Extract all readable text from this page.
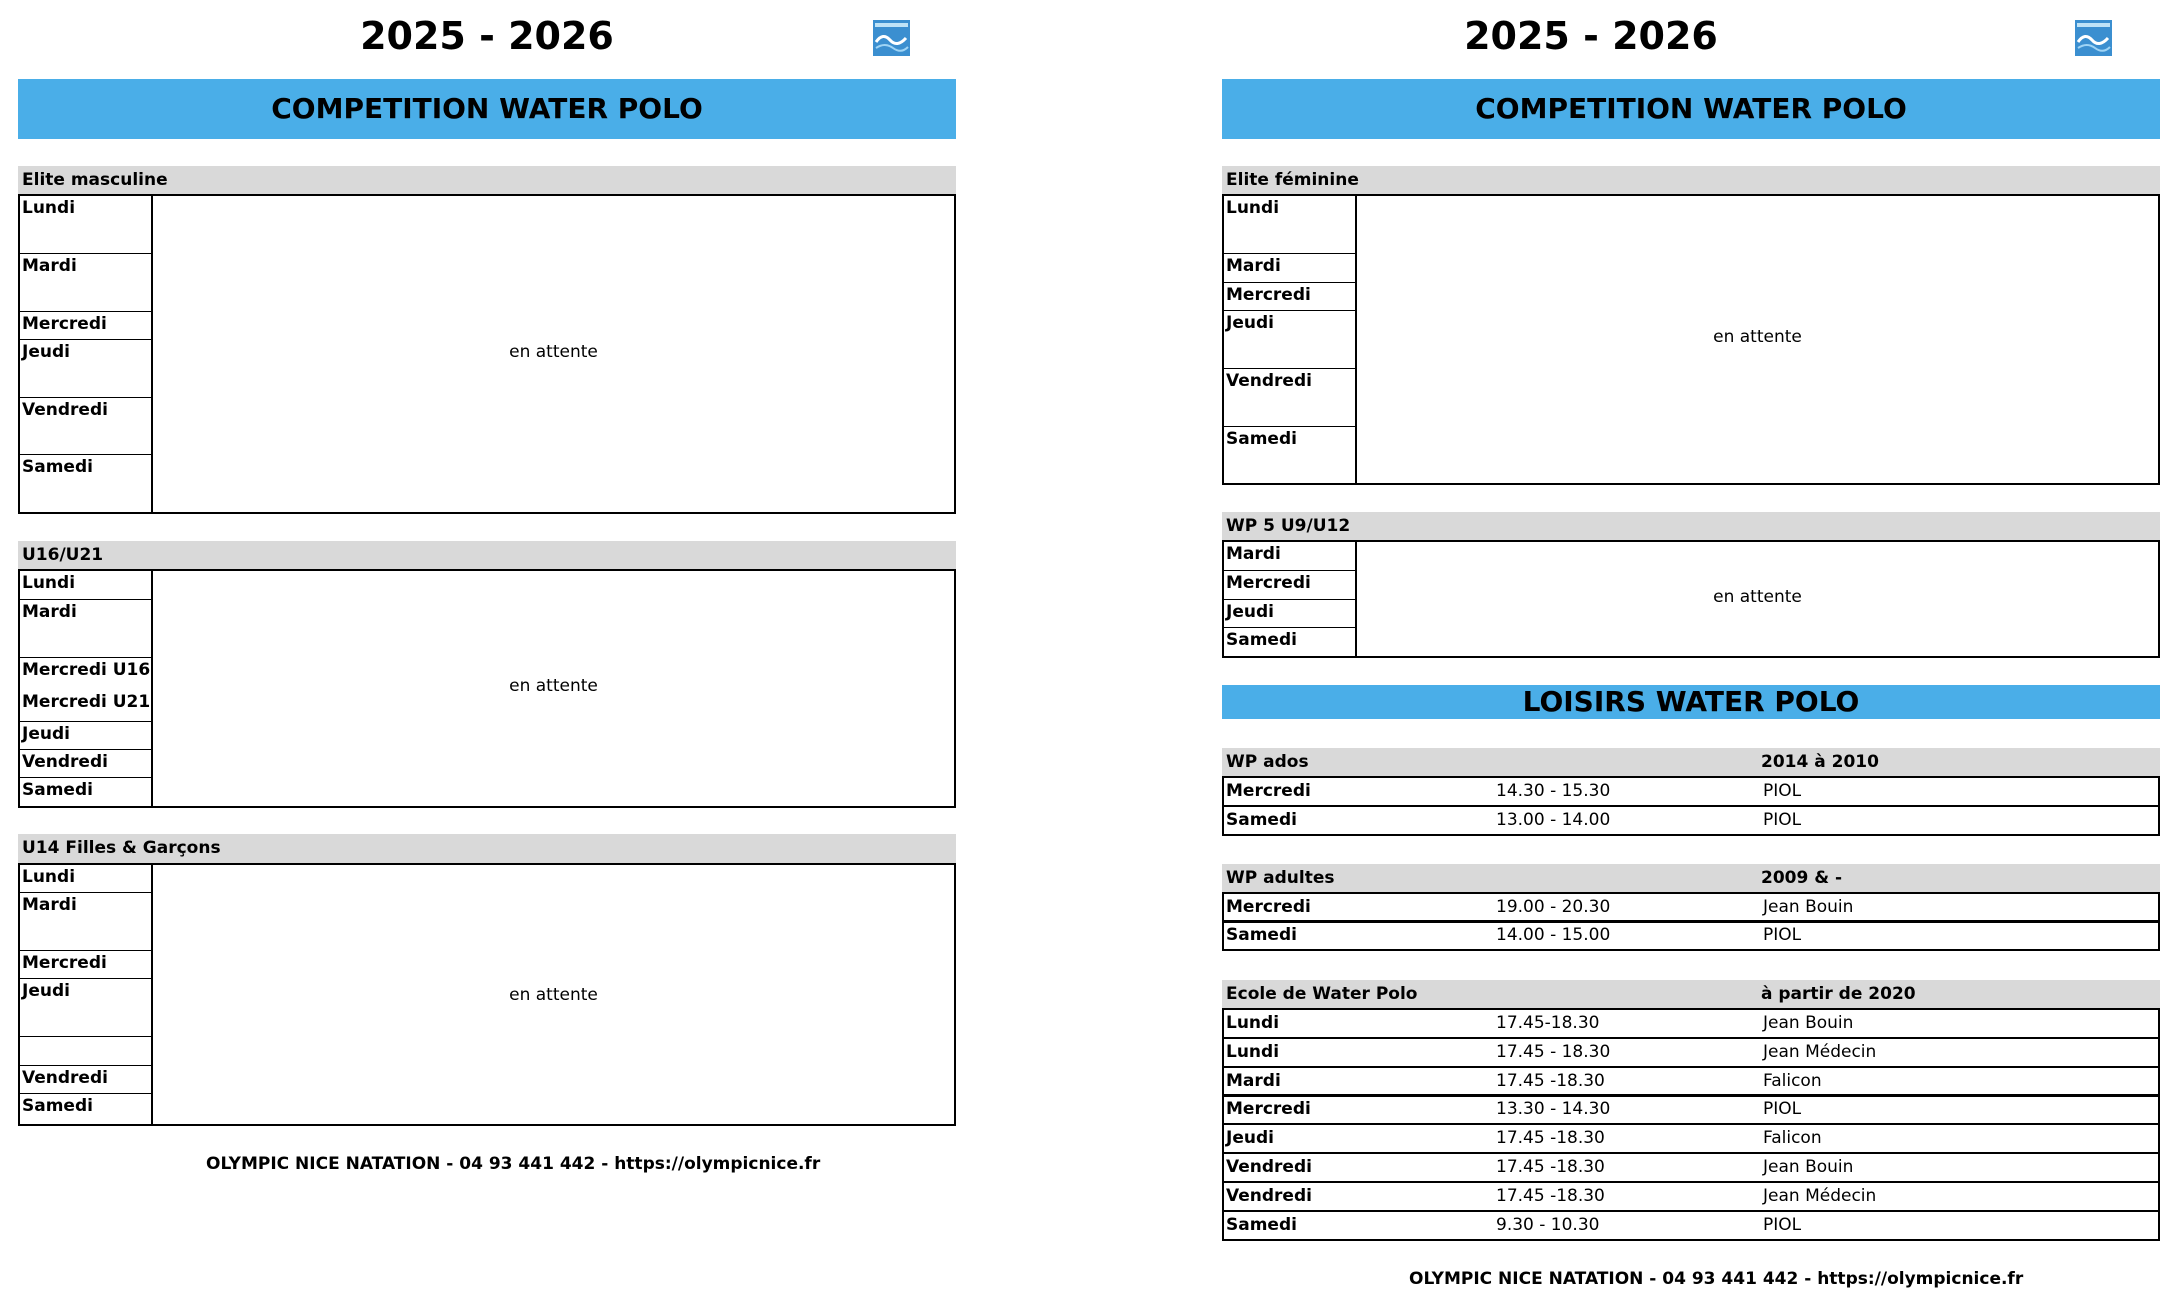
2025 - 2026
COMPETITION WATER POLO
Elite masculine
Lundi
Mardi
Mercredi
Jeudi
Vendredi
Samedi
en attente
U16/U21
Lundi
Mardi
Mercredi U16
Mercredi U21
Jeudi
Vendredi
Samedi
en attente
U14 Filles & Garçons
Lundi
Mardi
Mercredi
Jeudi
Vendredi
Samedi
en attente
OLYMPIC NICE NATATION - 04 93 441 442 - https://olympicnice.fr
2025 - 2026
COMPETITION WATER POLO
Elite féminine
Lundi
Mardi
Mercredi
Jeudi
Vendredi
Samedi
en attente
WP 5 U9/U12
Mardi
Mercredi
Jeudi
Samedi
en attente
LOISIRS WATER POLO
WP ados	2014 à 2010
Mercredi	14.30 - 15.30	PIOL
Samedi	13.00 - 14.00	PIOL
WP adultes	2009 & -
Mercredi	19.00 - 20.30	Jean Bouin
Samedi	14.00 - 15.00	PIOL
Ecole de Water Polo	à partir de 2020
Lundi	17.45-18.30	Jean Bouin
Lundi	17.45 - 18.30	Jean Médecin
Mardi	17.45 -18.30	Falicon
Mercredi	13.30 - 14.30	PIOL
Jeudi	17.45 -18.30	Falicon
Vendredi	17.45 -18.30	Jean Bouin
Vendredi	17.45 -18.30	Jean Médecin
Samedi	9.30 - 10.30	PIOL
OLYMPIC NICE NATATION - 04 93 441 442 - https://olympicnice.fr
